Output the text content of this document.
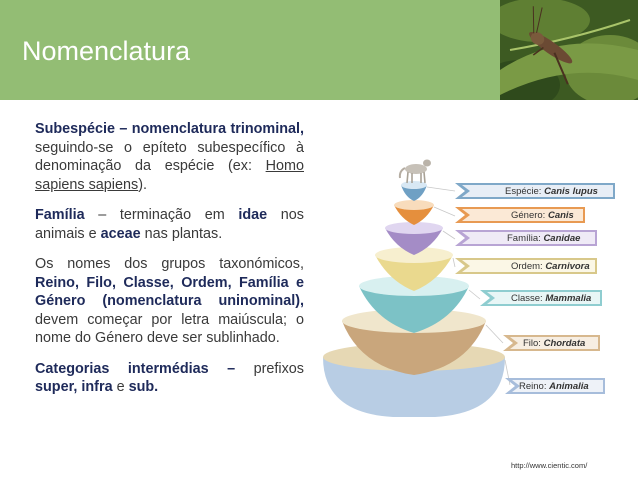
Nomenclatura

Subespécie – nomenclatura trinominal, seguindo-se o epíteto subespecífico à denominação da espécie (ex: Homo sapiens sapiens).

Família – terminação em idae nos animais e aceae nas plantas.

Os nomes dos grupos taxonómicos, Reino, Filo, Classe, Ordem, Família e Género (nomenclatura uninominal), devem começar por letra maiúscula; o nome do Género deve ser sublinhado.

Categorias intermédias – prefixos super, infra e sub.

Espécie: Canis lupus
Género: Canis
Família: Canidae
Ordem: Carnivora
Classe: Mammalia
Filo: Chordata
Reino: Animalia
http://www.cientic.com/
